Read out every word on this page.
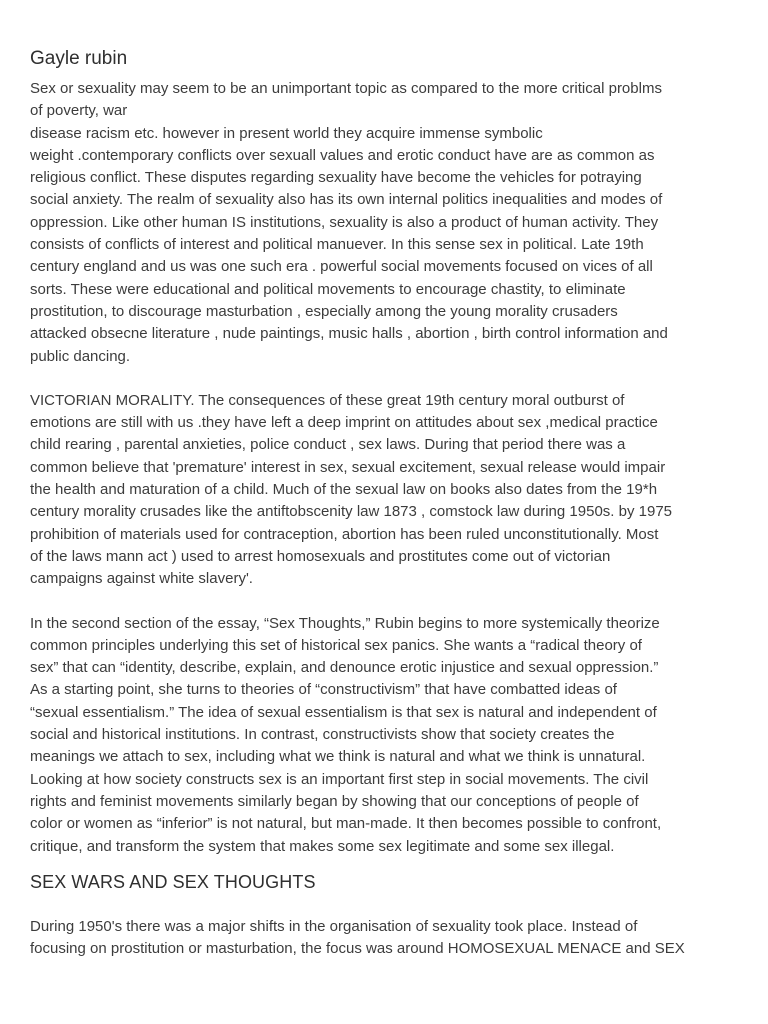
Gayle rubin

Sex or sexuality may seem to be an unimportant topic as compared to the more critical problms
of poverty, war
disease racism etc. however in present world they acquire immense symbolic
weight .contemporary conflicts over sexuall values and erotic conduct have are as common as
religious conflict. These disputes regarding sexuality have become the vehicles for potraying
social anxiety. The realm of sexuality also has its own internal politics inequalities and modes of
oppression. Like other human IS institutions, sexuality is also a product of human activity. They
consists of conflicts of interest and political manuever. In this sense sex in political. Late 19th
century england and us was one such era . powerful social movements focused on vices of all
sorts. These were educational and political movements to encourage chastity, to eliminate
prostitution, to discourage masturbation , especially among the young morality crusaders
attacked obsecne literature , nude paintings, music halls , abortion , birth control information and
public dancing.

VICTORIAN MORALITY. The consequences of these great 19th century moral outburst of
emotions are still with us .they have left a deep imprint on attitudes about sex ,medical practice
child rearing , parental anxieties, police conduct , sex laws. During that period there was a
common believe that 'premature' interest in sex, sexual excitement, sexual release would impair
the health and maturation of a child. Much of the sexual law on books also dates from the 19*h
century morality crusades like the antiftobscenity law 1873 , comstock law during 1950s. by 1975
prohibition of materials used for contraception, abortion has been ruled unconstitutionally. Most
of the laws mann act ) used to arrest homosexuals and prostitutes come out of victorian
campaigns against white slavery'.

In the second section of the essay, “Sex Thoughts,” Rubin begins to more systemically theorize
common principles underlying this set of historical sex panics. She wants a “radical theory of
sex” that can “identity, describe, explain, and denounce erotic injustice and sexual oppression.”
As a starting point, she turns to theories of “constructivism” that have combatted ideas of
“sexual essentialism.” The idea of sexual essentialism is that sex is natural and independent of
social and historical institutions. In contrast, constructivists show that society creates the
meanings we attach to sex, including what we think is natural and what we think is unnatural.
Looking at how society constructs sex is an important first step in social movements. The civil
rights and feminist movements similarly began by showing that our conceptions of people of
color or women as “inferior” is not natural, but man-made. It then becomes possible to confront,
critique, and transform the system that makes some sex legitimate and some sex illegal.

SEX WARS AND SEX THOUGHTS

During 1950's there was a major shifts in the organisation of sexuality took place. Instead of
focusing on prostitution or masturbation, the focus was around HOMOSEXUAL MENACE and SEX
